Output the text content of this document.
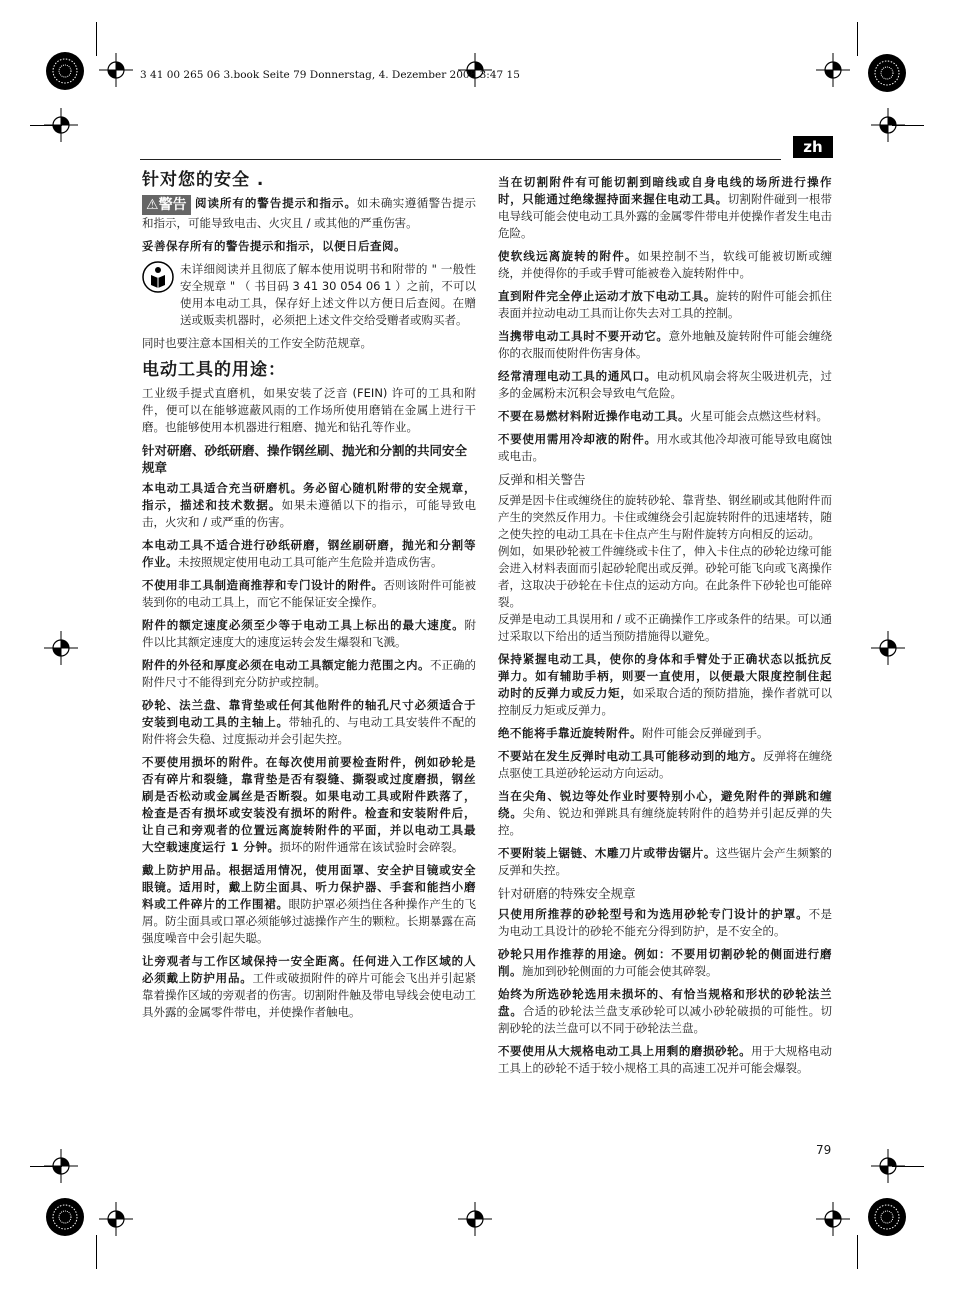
3 41 00 265 06 3.book Seite 79 Donnerstag, 4. Dezember 2008 3:47 15
zh
针对您的安全 .

⚠警告 阅读所有的警告提示和指示。如未确实遵循警告提示和指示，可能导致电击、火灾且 / 或其他的严重伤害。

妥善保存所有的警告提示和指示，以便日后查阅。

未详细阅读并且彻底了解本使用说明书和附带的 " 一般性安全规章 " （ 书目码 3 41 30 054 06 1 ）之前，不可以使用本电动工具，保存好上述文件以方便日后查阅。在赠送或贩卖机器时，必须把上述文件交给受赠者或购买者。

同时也要注意本国相关的工作安全防范规章。

电动工具的用途：

工业级手提式直磨机，如果安装了泛音 (FEIN) 许可的工具和附件，便可以在能够遮蔽风雨的工作场所使用磨销在金属上进行干磨。也能够使用本机器进行粗磨、抛光和钻孔等作业。

针对研磨、砂纸研磨、操作钢丝刷、抛光和分割的共同安全规章

本电动工具适合充当研磨机。务必留心随机附带的安全规章，指示，描述和技术数据。如果未遵循以下的指示，可能导致电击，火灾和 / 或严重的伤害。

本电动工具不适合进行砂纸研磨，钢丝刷研磨，抛光和分割等作业。未按照规定使用电动工具可能产生危险并造成伤害。

不使用非工具制造商推荐和专门设计的附件。否则该附件可能被装到你的电动工具上，而它不能保证安全操作。

附件的额定速度必须至少等于电动工具上标出的最大速度。附件以比其额定速度大的速度运转会发生爆裂和飞溅。

附件的外径和厚度必须在电动工具额定能力范围之内。不正确的附件尺寸不能得到充分防护或控制。

砂轮、法兰盘、靠背垫或任何其他附件的轴孔尺寸必须适合于安装到电动工具的主轴上。带轴孔的、与电动工具安装件不配的附件将会失稳、过度振动并会引起失控。

不要使用损坏的附件。在每次使用前要检查附件，例如砂轮是否有碎片和裂缝，靠背垫是否有裂缝、撕裂或过度磨损，钢丝刷是否松动或金属丝是否断裂。如果电动工具或附件跌落了，检查是否有损坏或安装没有损坏的附件。检查和安装附件后，让自己和旁观者的位置远离旋转附件的平面，并以电动工具最大空载速度运行 1 分钟。损坏的附件通常在该试验时会碎裂。

戴上防护用品。根据适用情况，使用面罩、安全护目镜或安全眼镜。适用时，戴上防尘面具、听力保护器、手套和能挡小磨料或工件碎片的工作围裙。眼防护罩必须挡住各种操作产生的飞屑。防尘面具或口罩必须能够过滤操作产生的颗粒。长期暴露在高强度噪音中会引起失聪。

让旁观者与工作区域保持一安全距离。任何进入工作区域的人必须戴上防护用品。工件或破损附件的碎片可能会飞出并引起紧靠着操作区域的旁观者的伤害。切割附件触及带电导线会使电动工具外露的金属零件带电，并使操作者触电。

当在切割附件有可能切割到暗线或自身电线的场所进行操作时，只能通过绝缘握持面来握住电动工具。切割附件碰到一根带电导线可能会使电动工具外露的金属零件带电并使操作者发生电击危险。

使软线远离旋转的附件。如果控制不当，软线可能被切断或缠绕，并使得你的手或手臂可能被卷入旋转附件中。

直到附件完全停止运动才放下电动工具。旋转的附件可能会抓住表面并拉动电动工具而让你失去对工具的控制。

当携带电动工具时不要开动它。意外地触及旋转附件可能会缠绕你的衣服而使附件伤害身体。

经常清理电动工具的通风口。电动机风扇会将灰尘吸进机壳，过多的金属粉末沉积会导致电气危险。

不要在易燃材料附近操作电动工具。火星可能会点燃这些材料。

不要使用需用冷却液的附件。用水或其他冷却液可能导致电腐蚀或电击。

反弹和相关警告

反弹是因卡住或缠绕住的旋转砂轮、靠背垫、钢丝刷或其他附件而产生的突然反作用力。卡住或缠绕会引起旋转附件的迅速堵转，随之使失控的电动工具在卡住点产生与附件旋转方向相反的运动。

例如，如果砂轮被工件缠绕或卡住了，伸入卡住点的砂轮边缘可能会进入材料表面而引起砂轮爬出或反弹。砂轮可能飞向或飞离操作者，这取决于砂轮在卡住点的运动方向。在此条件下砂轮也可能碎裂。

反弹是电动工具误用和 / 或不正确操作工序或条件的结果。可以通过采取以下给出的适当预防措施得以避免。

保持紧握电动工具，使你的身体和手臂处于正确状态以抵抗反弹力。如有辅助手柄，则要一直使用，以便最大限度控制住起动时的反弹力或反力矩，如采取合适的预防措施，操作者就可以控制反力矩或反弹力。

绝不能将手靠近旋转附件。附件可能会反弹碰到手。

不要站在发生反弹时电动工具可能移动到的地方。反弹将在缠绕点驱使工具逆砂轮运动方向运动。

当在尖角、锐边等处作业时要特别小心，避免附件的弹跳和缠绕。尖角、锐边和弹跳具有缠绕旋转附件的趋势并引起反弹的失控。

不要附装上锯链、木雕刀片或带齿锯片。这些锯片会产生频繁的反弹和失控。

针对研磨的特殊安全规章

只使用所推荐的砂轮型号和为选用砂轮专门设计的护罩。不是为电动工具设计的砂轮不能充分得到防护，是不安全的。

砂轮只用作推荐的用途。例如：不要用切割砂轮的侧面进行磨削。施加到砂轮侧面的力可能会使其碎裂。

始终为所选砂轮选用未损坏的、有恰当规格和形状的砂轮法兰盘。合适的砂轮法兰盘支承砂轮可以减小砂轮破损的可能性。切割砂轮的法兰盘可以不同于砂轮法兰盘。

不要使用从大规格电动工具上用剩的磨损砂轮。用于大规格电动工具上的砂轮不适于较小规格工具的高速工况并可能会爆裂。

79
